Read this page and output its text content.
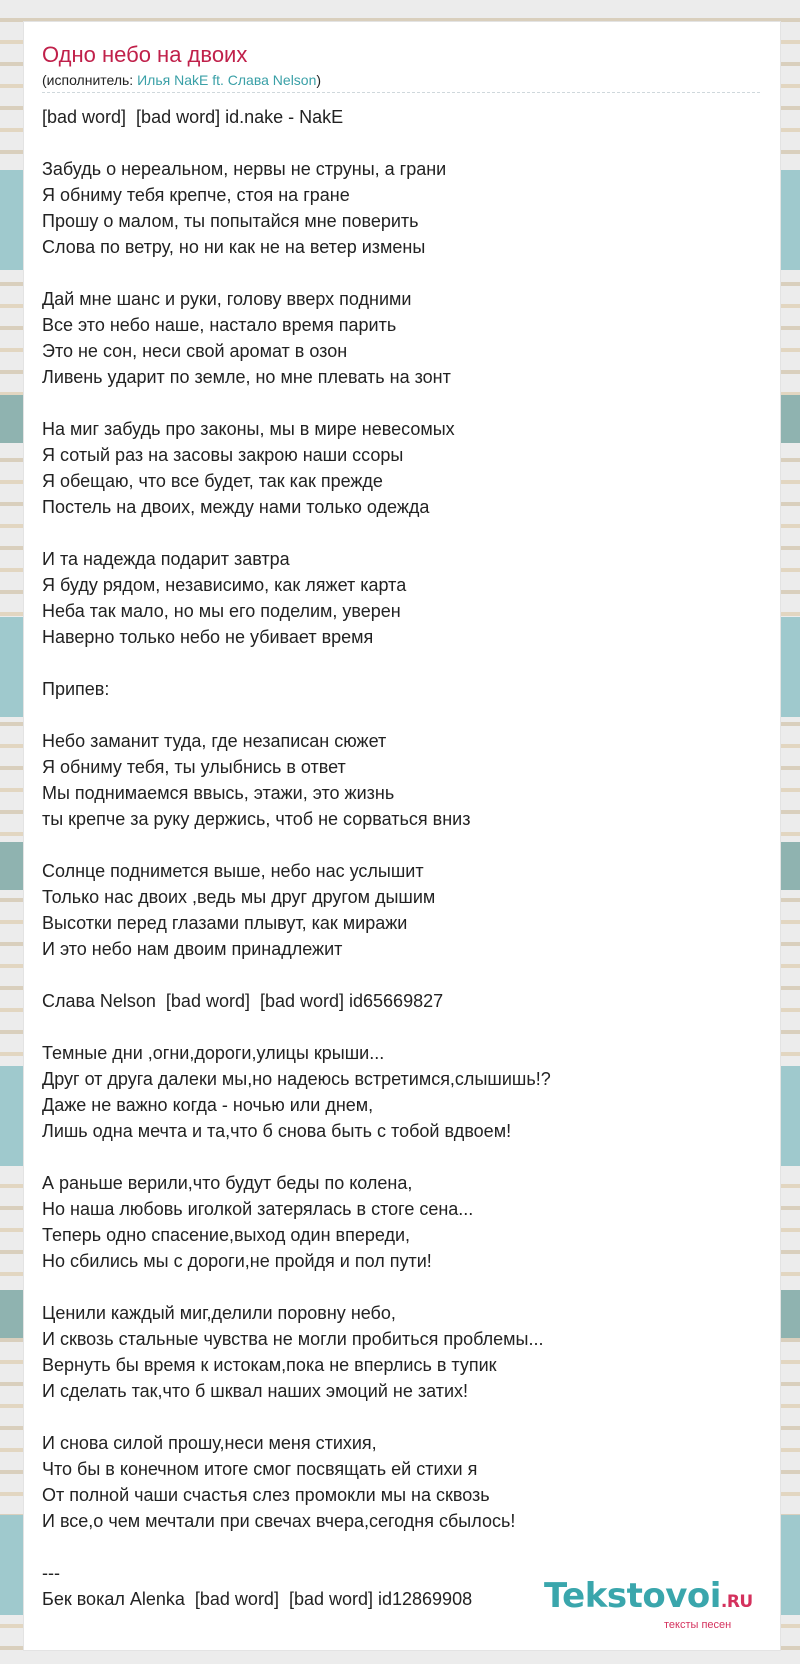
Одно небо на двоих
(исполнитель: Илья NakE ft. Слава Nelson)
[bad word]  [bad word] id.nake - NakE
Забудь о нереальном, нервы не струны, а грани
Я обниму тебя крепче, стоя на гране
Прошу о малом, ты попытайся мне поверить
Слова по ветру, но ни как не на ветер измены
Дай мне шанс и руки, голову вверх подними
Все это небо наше, настало время парить
Это не сон, неси свой аромат в озон
Ливень ударит по земле, но мне плевать на зонт
На миг забудь про законы, мы в мире невесомых
Я сотый раз на засовы закрою наши ссоры
Я обещаю, что все будет, так как прежде
Постель на двоих, между нами только одежда
И та надежда подарит завтра
Я буду рядом, независимо, как ляжет карта
Неба так мало, но мы его поделим, уверен
Наверно только небо не убивает время
Припев:
Небо заманит туда, где незаписан сюжет
Я обниму тебя, ты улыбнись в ответ
Мы поднимаемся ввысь, этажи, это жизнь
ты крепче за руку держись, чтоб не сорваться вниз
Солнце поднимется выше, небо нас услышит
Только нас двоих ,ведь мы друг другом дышим
Высотки перед глазами плывут, как миражи
И это небо нам двоим принадлежит
Слава Nelson  [bad word]  [bad word] id65669827
Темные дни ,огни,дороги,улицы крыши...
Друг от друга далеки мы,но надеюсь встретимся,слышишь!?
Даже не важно когда - ночью или днем,
Лишь одна мечта и та,что б снова быть с тобой вдвоем!
А раньше верили,что будут беды по колена,
Но наша любовь иголкой затерялась в стоге сена...
Теперь одно спасение,выход один впереди,
Но сбились мы с дороги,не пройдя и пол пути!
Ценили каждый миг,делили поровну небо,
И сквозь стальные чувства не могли пробиться проблемы...
Вернуть бы время к истокам,пока не вперлись в тупик
И сделать так,что б шквал наших эмоций не затих!
И снова силой прошу,неси меня стихия,
Что бы в конечном итоге смог посвящать ей стихи я
От полной чаши счастья слез промокли мы на сквозь
И все,о чем мечтали при свечах вчера,сегодня сбылось!
---
Бек вокал Alenka  [bad word]  [bad word] id12869908	Tekstovoi.RU
тексты песен
